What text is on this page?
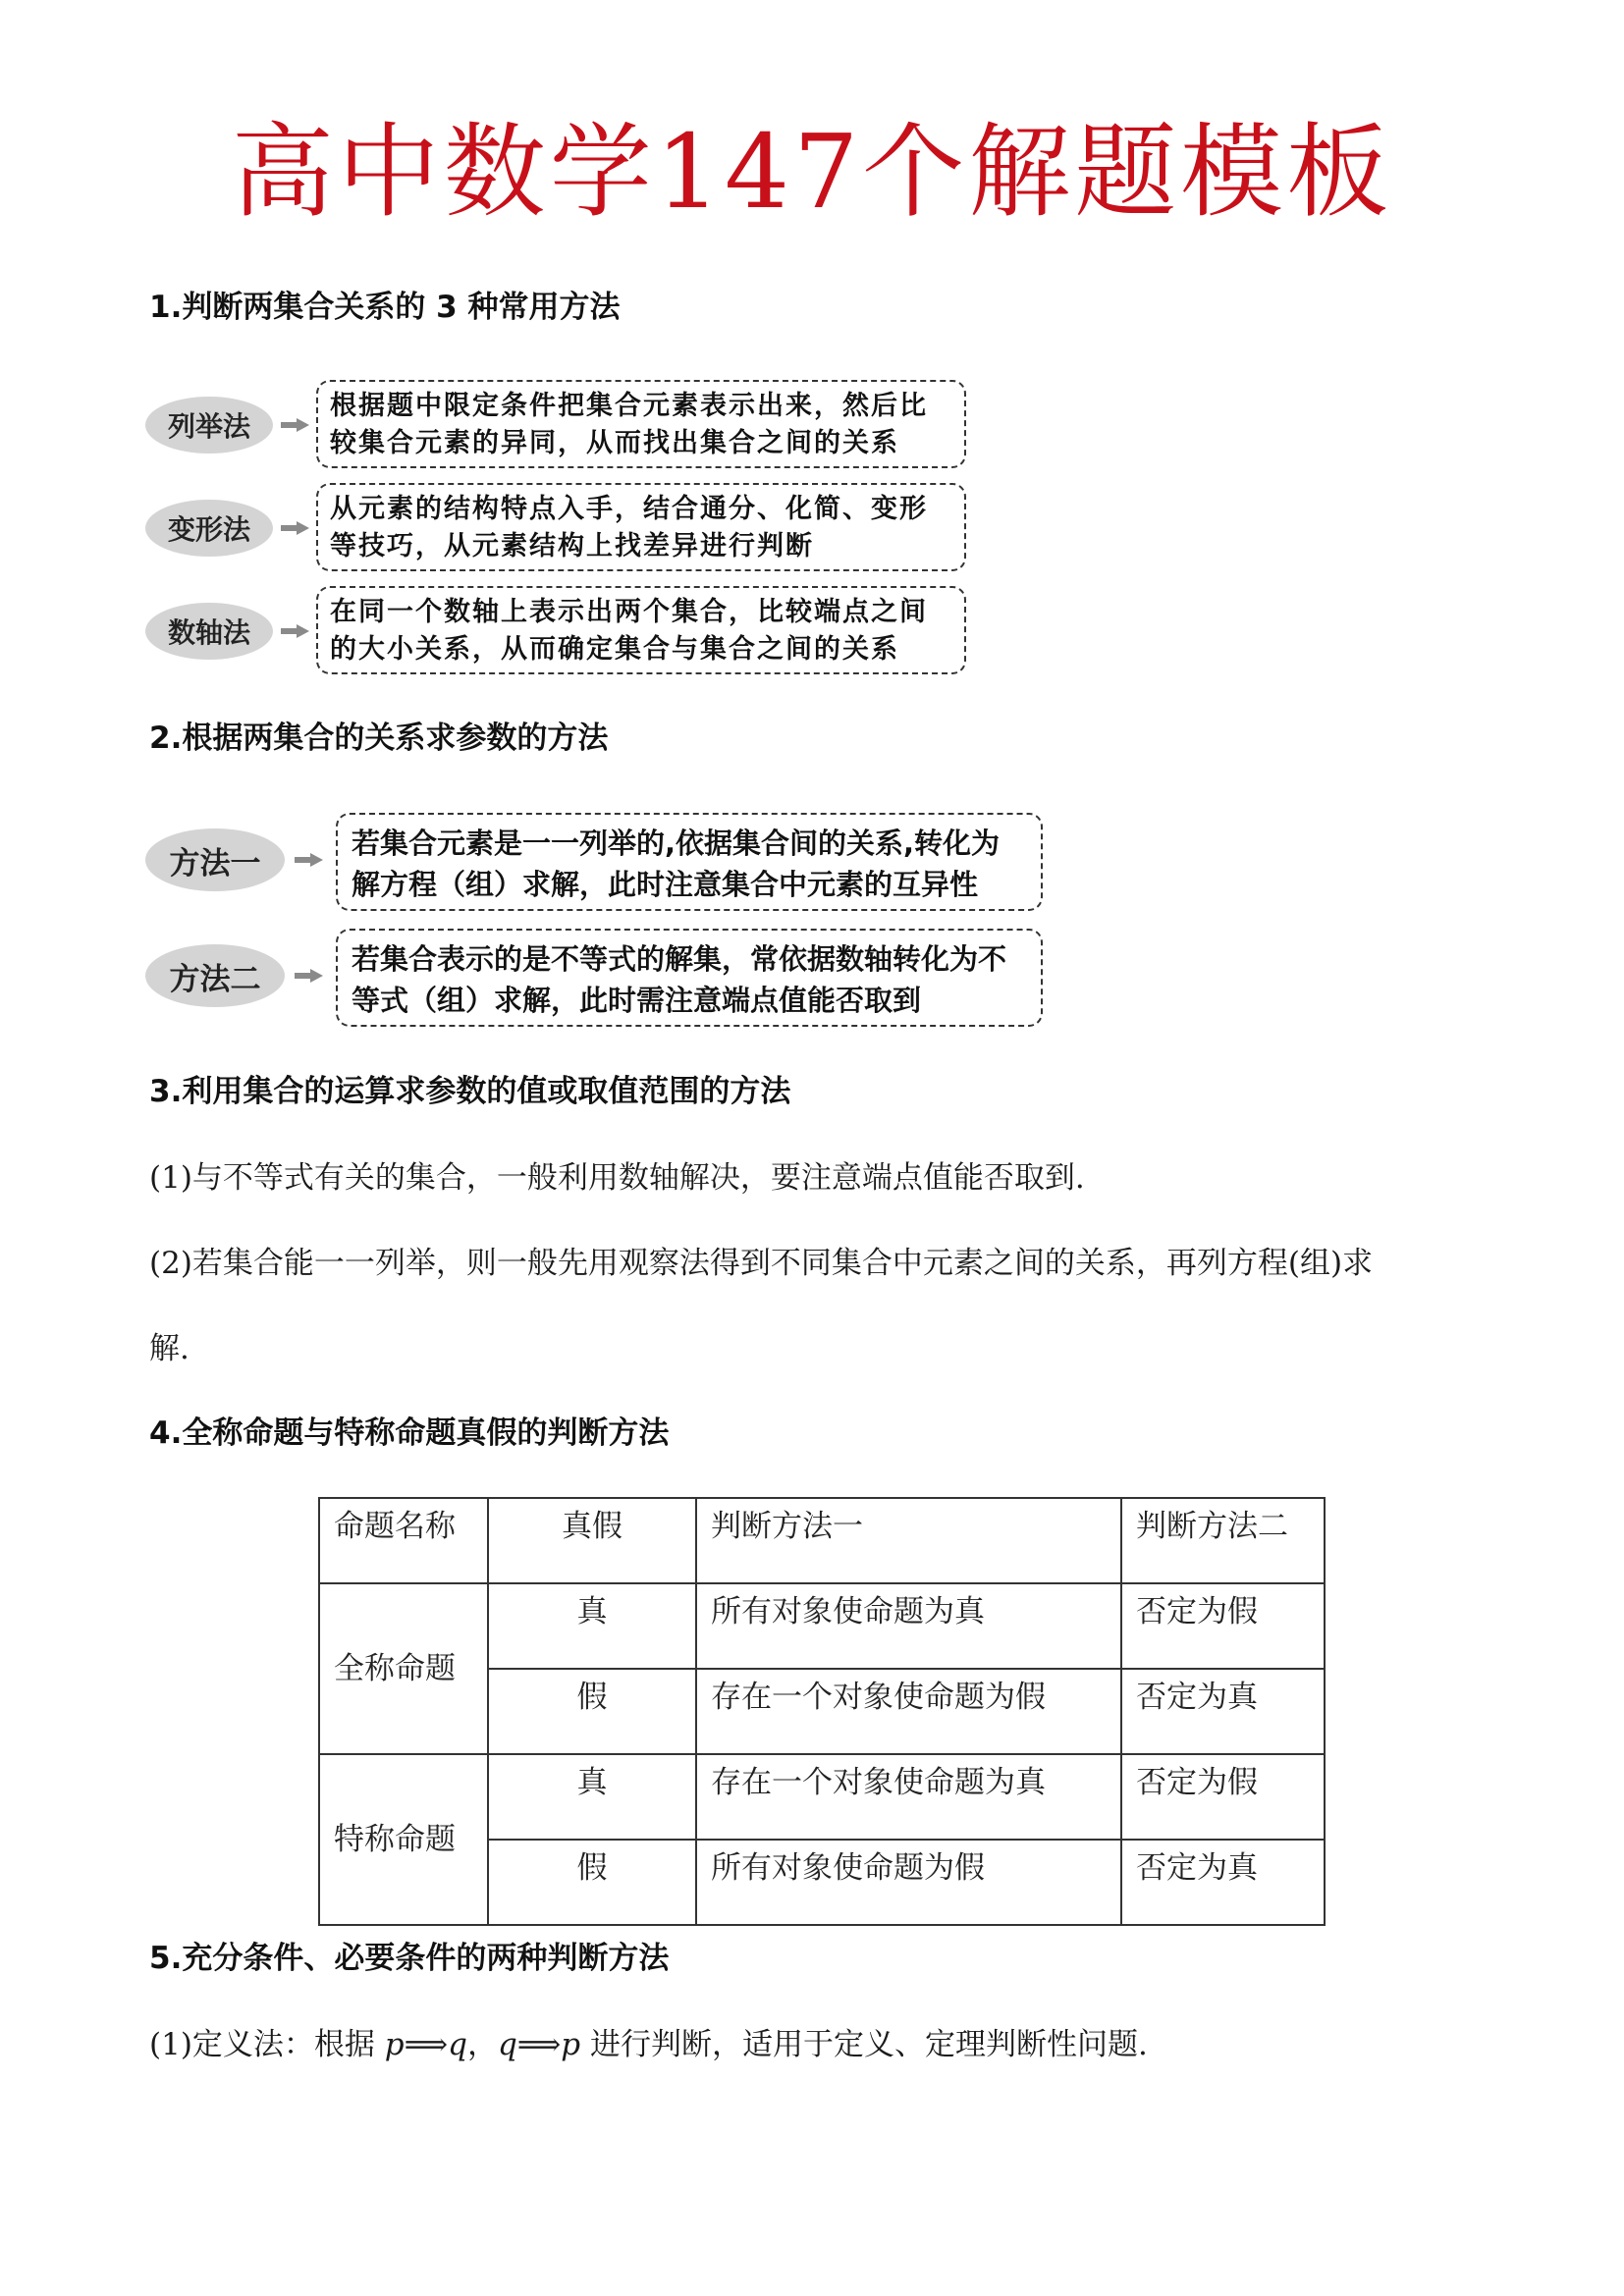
高中数学147个解题模板
1.判断两集合关系的 3 种常用方法
列举法
根据题中限定条件把集合元素表示出来，然后比
较集合元素的异同，从而找出集合之间的关系
变形法
从元素的结构特点入手，结合通分、化简、变形
等技巧，从元素结构上找差异进行判断
数轴法
在同一个数轴上表示出两个集合，比较端点之间
的大小关系，从而确定集合与集合之间的关系
2.根据两集合的关系求参数的方法
方法一
若集合元素是一一列举的,依据集合间的关系,转化为
解方程（组）求解，此时注意集合中元素的互异性
方法二
若集合表示的是不等式的解集，常依据数轴转化为不
等式（组）求解，此时需注意端点值能否取到
3.利用集合的运算求参数的值或取值范围的方法
(1)与不等式有关的集合，一般利用数轴解决，要注意端点值能否取到.
(2)若集合能一一列举，则一般先用观察法得到不同集合中元素之间的关系，再列方程(组)求
解.
4.全称命题与特称命题真假的判断方法
命题名称	真假	判断方法一	判断方法二
全称命题	真	所有对象使命题为真	否定为假
	假	存在一个对象使命题为假	否定为真
特称命题	真	存在一个对象使命题为真	否定为假
	假	所有对象使命题为假	否定为真
5.充分条件、必要条件的两种判断方法
(1)定义法：根据 p⟹q，q⟹p 进行判断，适用于定义、定理判断性问题.
